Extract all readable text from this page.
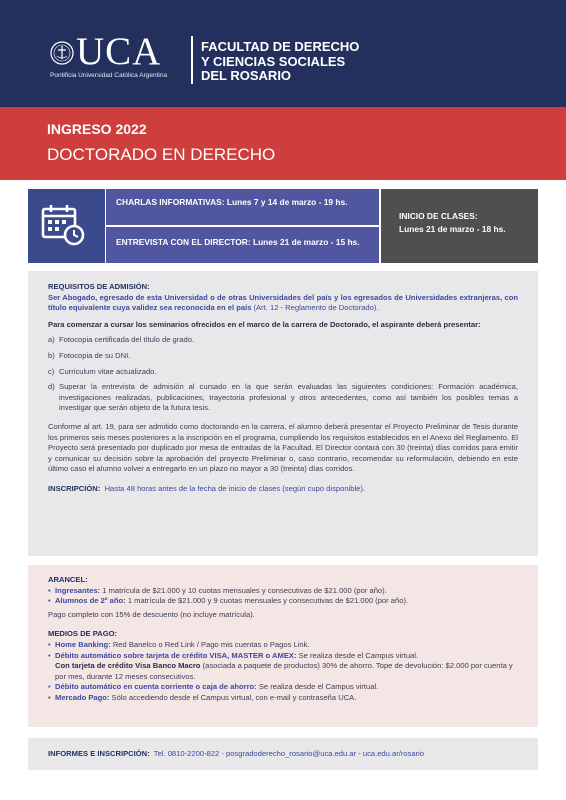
UCA
Pontificia Universidad Católica Argentina
FACULTAD DE DERECHO
Y CIENCIAS SOCIALES
DEL ROSARIO
INGRESO 2022
DOCTORADO EN DERECHO
CHARLAS INFORMATIVAS: Lunes 7 y 14 de marzo - 19 hs.
ENTREVISTA CON EL DIRECTOR: Lunes 21 de marzo - 15 hs.
INICIO DE CLASES:
Lunes 21 de marzo - 18 hs.
REQUISITOS DE ADMISIÓN:

Ser Abogado, egresado de esta Universidad o de otras Universidades del país y los egresados de Universidades extranjeras, con título equivalente cuya validez sea reconocida en el país (Art. 12 - Reglamento de Doctorado).

Para comenzar a cursar los seminarios ofrecidos en el marco de la carrera de Doctorado, el aspirante deberá presentar:

a) Fotocopia certificada del título de grado.
b) Fotocopia de su DNI.
c) Curriculum vitae actualizado.
d) Superar la entrevista de admisión al cursado en la que serán evaluadas las siguientes condiciones: Formación académica, investigaciones realizadas, publicaciones, trayectoria profesional y otros antecedentes, como así también los posibles temas a investigar que serán objeto de la futura tesis.

Conforme al art. 19, para ser admitido como doctorando en la carrera, el alumno deberá presentar el Proyecto Preliminar de Tesis durante los primeros seis meses posteriores a la inscripción en el programa, cumpliendo los requisitos establecidos en el Anexo del Reglamento. El Proyecto será presentado por duplicado por mesa de entradas de la Facultad. El Director contará con 30 (treinta) días corridos para emitir y comunicar su decisión sobre la aprobación del proyecto Preliminar o, caso contrario, recomendar su reformulación, debiendo en este último caso el alumno volver a entregarlo en un plazo no mayor a 30 (treinta) días corridos.

INSCRIPCIÓN: Hasta 48 horas antes de la fecha de inicio de clases (según cupo disponible).

ARANCEL:
• Ingresantes: 1 matrícula de $21.000 y 10 cuotas mensuales y consecutivas de $21.000 (por año).
• Alumnos de 2º año: 1 matrícula de $21.000 y 9 cuotas mensuales y consecutivas de $21.000 (por año).
Pago completo con 15% de descuento (no incluye matrícula).
MEDIOS DE PAGO:
• Home Banking: Red Banelco o Red Link / Pago mis cuentas o Pagos Link.
• Débito automático sobre tarjeta de crédito VISA, MASTER o AMEX: Se realiza desde el Campus virtual.
Con tarjeta de crédito Visa Banco Macro (asociada a paquete de productos) 30% de ahorro. Tope de devolución: $2.000 por cuenta y por mes, durante 12 meses consecutivos.
• Débito automático en cuenta corriente o caja de ahorro: Se realiza desde el Campus virtual.
• Mercado Pago: Sólo accediendo desde el Campus virtual, con e-mail y contraseña UCA.
INFORMES E INSCRIPCIÓN: Tel. 0810-2200-822 - posgradoderecho_rosario@uca.edu.ar - uca.edu.ar/rosario
